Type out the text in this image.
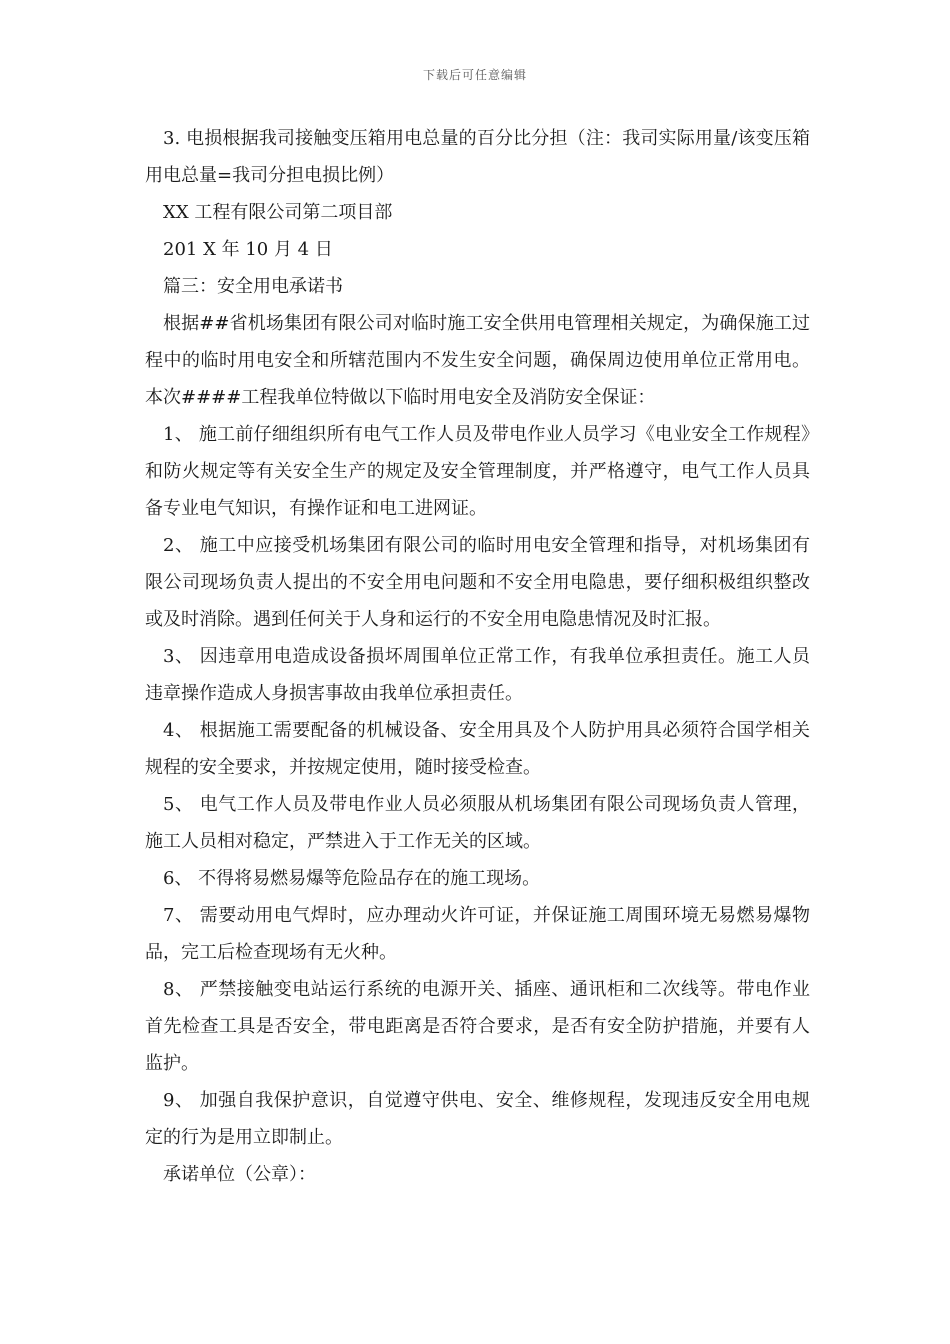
下载后可任意编辑

3. 电损根据我司接触变压箱用电总量的百分比分担（注：我司实际用量/该变压箱用电总量=我司分担电损比例）

XX 工程有限公司第二项目部

201 X 年 10 月 4 日

篇三：安全用电承诺书

根据##省机场集团有限公司对临时施工安全供用电管理相关规定，为确保施工过程中的临时用电安全和所辖范围内不发生安全问题，确保周边使用单位正常用电。本次####工程我单位特做以下临时用电安全及消防安全保证：

1、 施工前仔细组织所有电气工作人员及带电作业人员学习《电业安全工作规程》和防火规定等有关安全生产的规定及安全管理制度，并严格遵守，电气工作人员具备专业电气知识，有操作证和电工进网证。

2、 施工中应接受机场集团有限公司的临时用电安全管理和指导，对机场集团有限公司现场负责人提出的不安全用电问题和不安全用电隐患，要仔细积极组织整改或及时消除。遇到任何关于人身和运行的不安全用电隐患情况及时汇报。

3、 因违章用电造成设备损坏周围单位正常工作，有我单位承担责任。施工人员违章操作造成人身损害事故由我单位承担责任。

4、 根据施工需要配备的机械设备、安全用具及个人防护用具必须符合国学相关规程的安全要求，并按规定使用，随时接受检查。

5、 电气工作人员及带电作业人员必须服从机场集团有限公司现场负责人管理，施工人员相对稳定，严禁进入于工作无关的区域。

6、 不得将易燃易爆等危险品存在的施工现场。

7、 需要动用电气焊时，应办理动火许可证，并保证施工周围环境无易燃易爆物品，完工后检查现场有无火种。

8、 严禁接触变电站运行系统的电源开关、插座、通讯柜和二次线等。带电作业首先检查工具是否安全，带电距离是否符合要求，是否有安全防护措施，并要有人监护。

9、 加强自我保护意识，自觉遵守供电、安全、维修规程，发现违反安全用电规定的行为是用立即制止。

承诺单位（公章）：
